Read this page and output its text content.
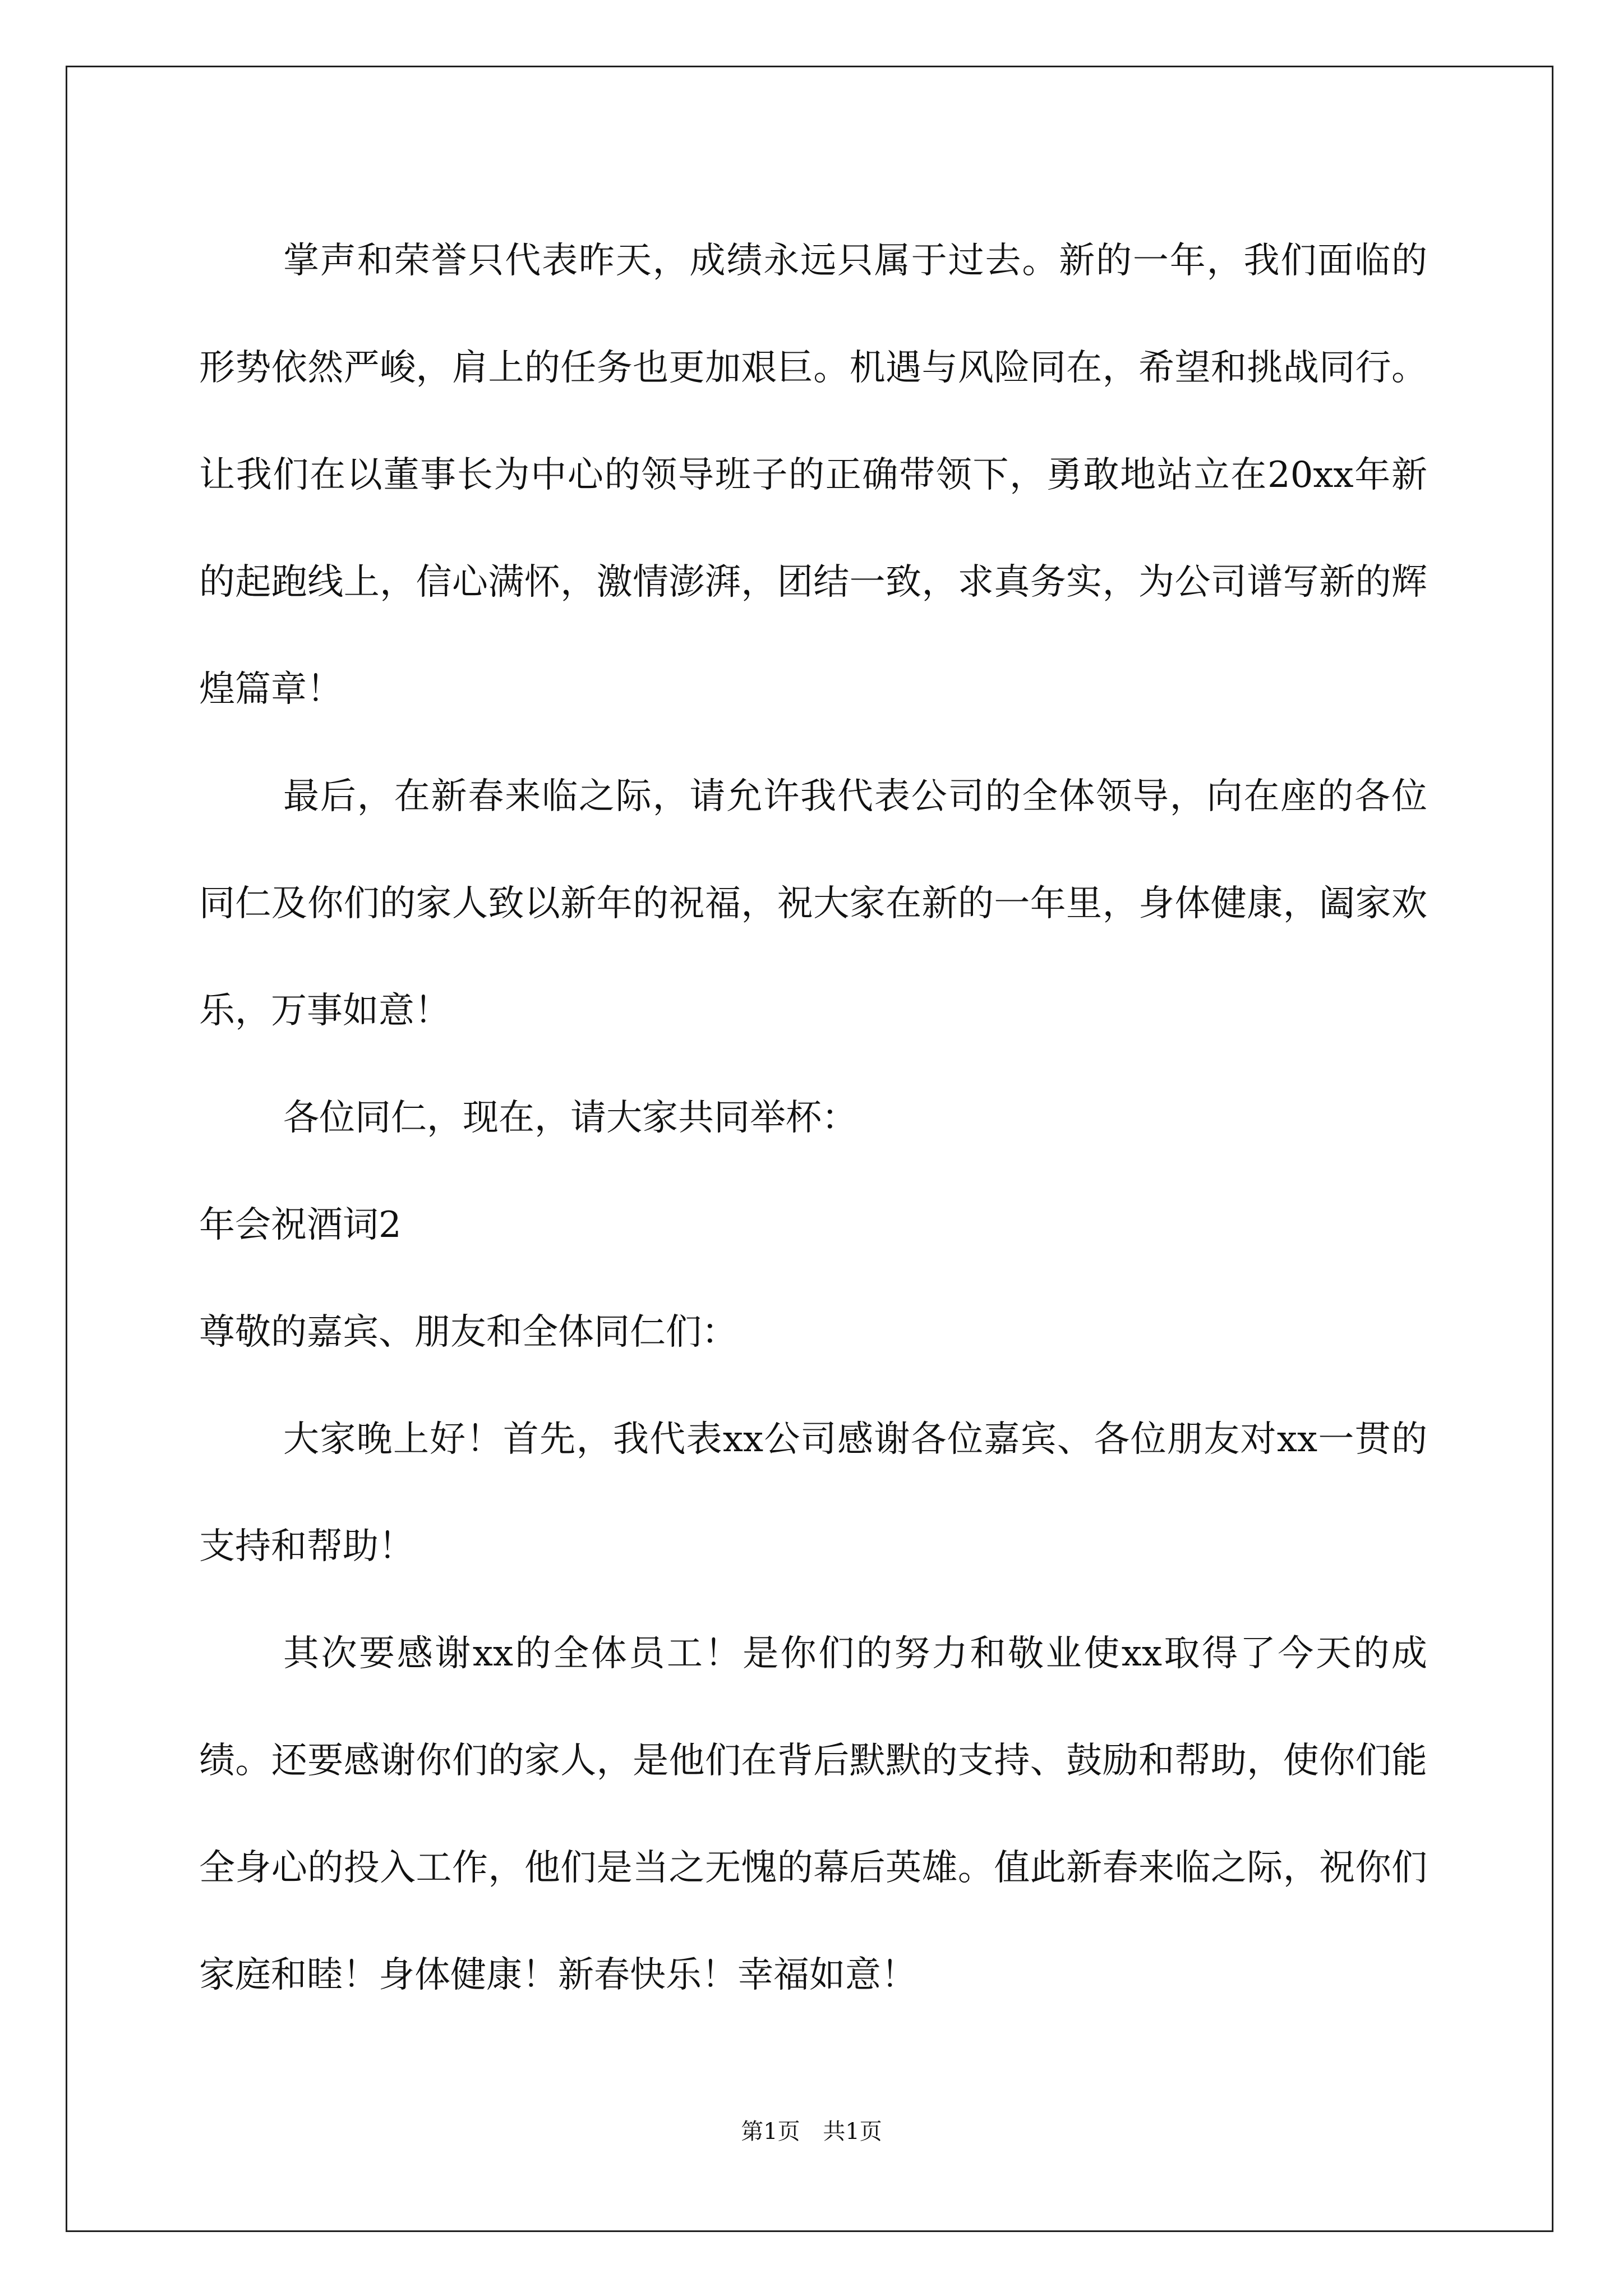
掌声和荣誉只代表昨天，成绩永远只属于过去。新的一年，我们面临的形势依然严峻，肩上的任务也更加艰巨。机遇与风险同在，希望和挑战同行。让我们在以董事长为中心的领导班子的正确带领下，勇敢地站立在20xx年新的起跑线上，信心满怀，激情澎湃，团结一致，求真务实，为公司谱写新的辉煌篇章！

最后，在新春来临之际，请允许我代表公司的全体领导，向在座的各位同仁及你们的家人致以新年的祝福，祝大家在新的一年里，身体健康，阖家欢乐，万事如意！

各位同仁，现在，请大家共同举杯：

年会祝酒词2

尊敬的嘉宾、朋友和全体同仁们：

大家晚上好！首先，我代表xx公司感谢各位嘉宾、各位朋友对xx一贯的支持和帮助！

其次要感谢xx的全体员工！是你们的努力和敬业使xx取得了今天的成绩。还要感谢你们的家人，是他们在背后默默的支持、鼓励和帮助，使你们能全身心的投入工作，他们是当之无愧的幕后英雄。值此新春来临之际，祝你们家庭和睦！身体健康！新春快乐！幸福如意！

第1页 共1页
